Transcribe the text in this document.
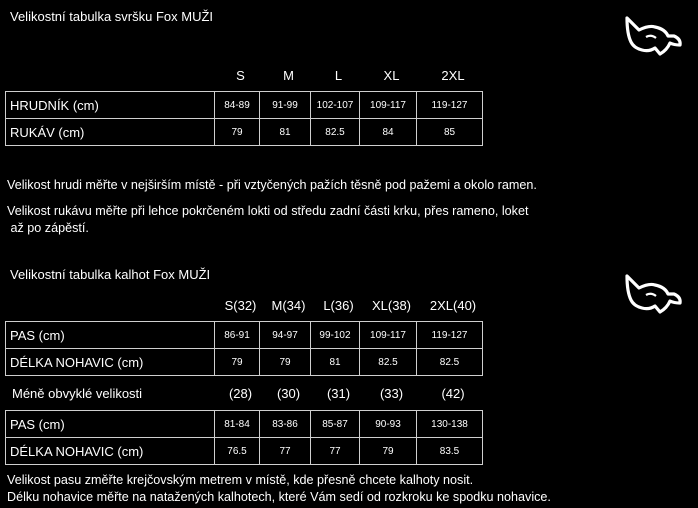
Velikostní tabulka svršku Fox MUŽI
S	M	L	XL	2XL
HRUDNÍK (cm)	84-89	91-99	102-107	109-117	119-127
RUKÁV (cm)	79	81	82.5	84	85
Velikost hrudi měřte v nejširším místě - při vztyčených pažích těsně pod pažemi a okolo ramen.
Velikost rukávu měřte při lehce pokrčeném lokti od středu zadní části krku, přes rameno, loket
až po zápěstí.
Velikostní tabulka kalhot Fox MUŽI
S(32)	M(34)	L(36)	XL(38)	2XL(40)
PAS (cm)	86-91	94-97	99-102	109-117	119-127
DÉLKA NOHAVIC (cm)	79	79	81	82.5	82.5
Méně obvyklé velikosti	(28)	(30)	(31)	(33)	(42)
PAS (cm)	81-84	83-86	85-87	90-93	130-138
DÉLKA NOHAVIC (cm)	76.5	77	77	79	83.5
Velikost pasu změřte krejčovským metrem v místě, kde přesně chcete kalhoty nosit.
Délku nohavice měřte na natažených kalhotech, které Vám sedí od rozkroku ke spodku nohavice.
